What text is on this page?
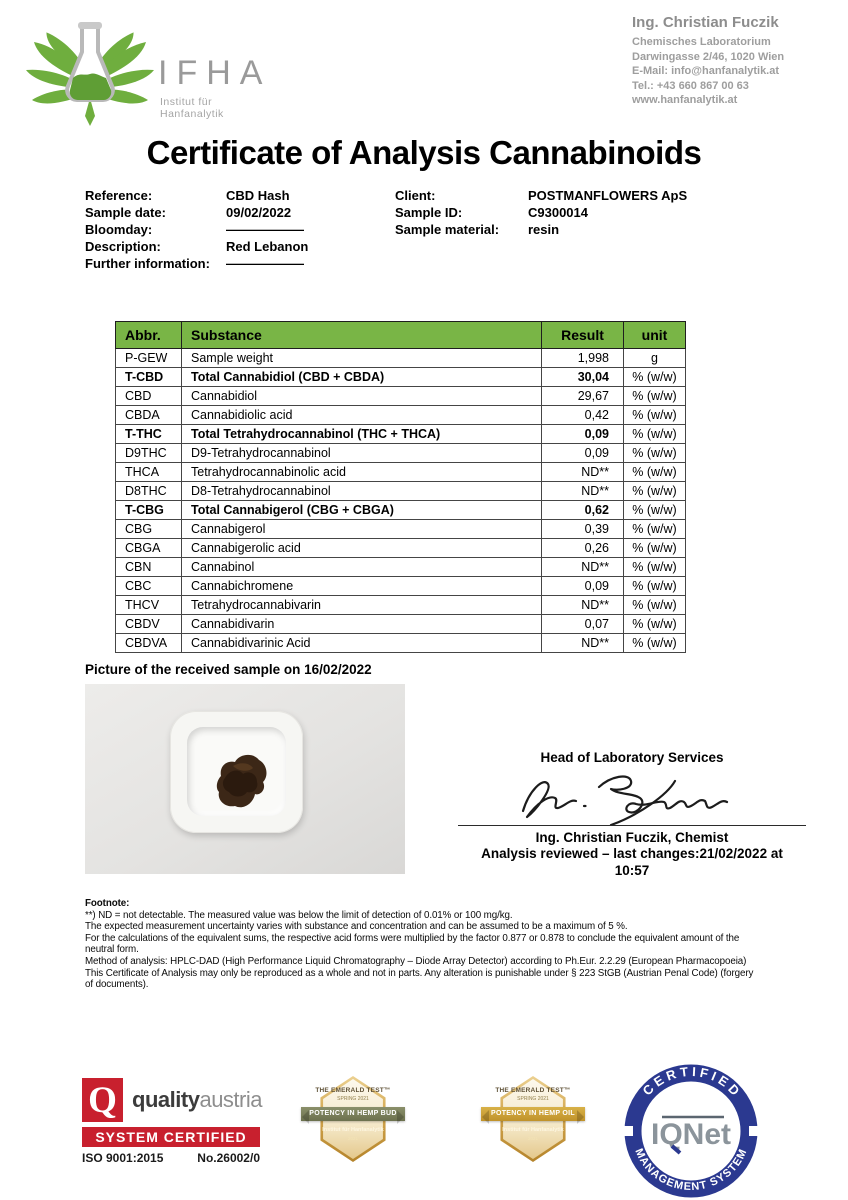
IFHA
Institut für Hanfanalytik
Ing. Christian Fuczik
Chemisches Laboratorium
Darwingasse 2/46, 1020 Wien
E-Mail: info@hanfanalytik.at
Tel.: +43 660 867 00 63
www.hanfanalytik.at
Certificate of Analysis Cannabinoids
Reference:	CBD Hash
Sample date:	09/02/2022
Bloomday:	——————
Description:	Red Lebanon
Further information:	——————
Client:	POSTMANFLOWERS ApS
Sample ID:	C9300014
Sample material:	resin
Abbr.	Substance	Result	unit
P-GEW	Sample weight	1,998	g
T-CBD	Total Cannabidiol (CBD + CBDA)	30,04	% (w/w)
CBD	Cannabidiol	29,67	% (w/w)
CBDA	Cannabidiolic acid	0,42	% (w/w)
T-THC	Total Tetrahydrocannabinol (THC + THCA)	0,09	% (w/w)
D9THC	D9-Tetrahydrocannabinol	0,09	% (w/w)
THCA	Tetrahydrocannabinolic acid	ND**	% (w/w)
D8THC	D8-Tetrahydrocannabinol	ND**	% (w/w)
T-CBG	Total Cannabigerol (CBG + CBGA)	0,62	% (w/w)
CBG	Cannabigerol	0,39	% (w/w)
CBGA	Cannabigerolic acid	0,26	% (w/w)
CBN	Cannabinol	ND**	% (w/w)
CBC	Cannabichromene	0,09	% (w/w)
THCV	Tetrahydrocannabivarin	ND**	% (w/w)
CBDV	Cannabidivarin	0,07	% (w/w)
CBDVA	Cannabidivarinic Acid	ND**	% (w/w)
Picture of the received sample on 16/02/2022
Head of Laboratory Services
Ing. Christian Fuczik, Chemist
Analysis reviewed – last changes:21/02/2022 at
10:57
Footnote:
**) ND = not detectable. The measured value was below the limit of detection of 0.01% or 100 mg/kg.
The expected measurement uncertainty varies with substance and concentration and can be assumed to be a maximum of 5 %.
For the calculations of the equivalent sums, the respective acid forms were multiplied by the factor 0.877 or 0.878 to conclude the equivalent amount of the
neutral form.
Method of analysis: HPLC-DAD (High Performance Liquid Chromatography – Diode Array Detector) according to Ph.Eur. 2.2.29 (European Pharmacopoeia)
This Certificate of Analysis may only be reproduced as a whole and not in parts. Any alteration is punishable under § 223 StGB (Austrian Penal Code) (forgery
of documents).
Q qualityaustria
SYSTEM CERTIFIED
ISO 9001:2015	No.26002/0
THE EMERALD TEST™
SPRING 2021
POTENCY IN HEMP BUD
Institut für Hanfanalytik
2021
THE EMERALD TEST™
SPRING 2021
POTENCY IN HEMP OIL
Institut für Hanfanalytik
2021
C E R T I F I E D
MANAGEMENT SYSTEM
IQNet
